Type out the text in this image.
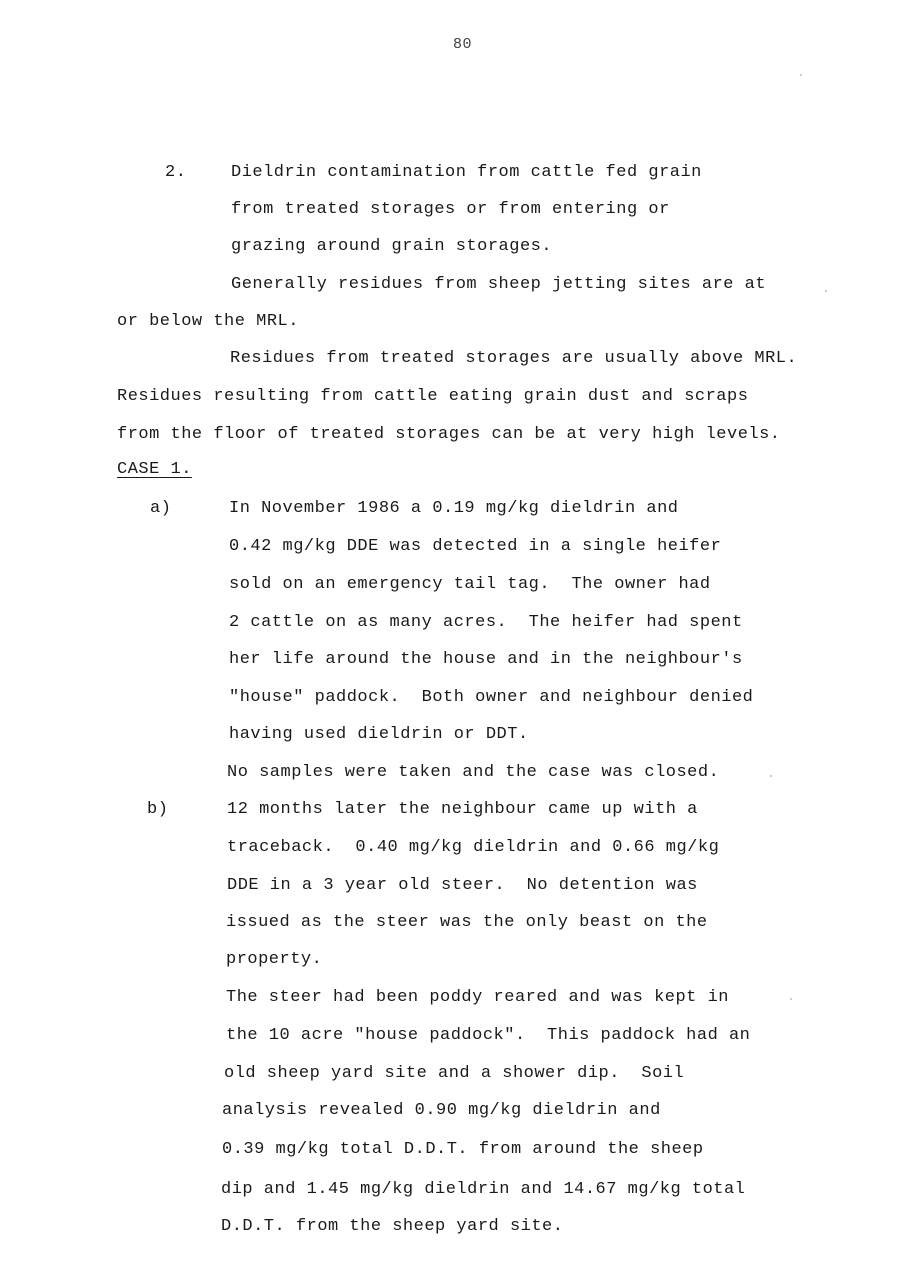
80
2.	Dieldrin contamination from cattle fed grain
from treated storages or from entering or
grazing around grain storages.
Generally residues from sheep jetting sites are at
or below the MRL.
Residues from treated storages are usually above MRL.
Residues resulting from cattle eating grain dust and scraps
from the floor of treated storages can be at very high levels.
CASE 1.
a)	In November 1986 a 0.19 mg/kg dieldrin and
0.42 mg/kg DDE was detected in a single heifer
sold on an emergency tail tag.  The owner had
2 cattle on as many acres.  The heifer had spent
her life around the house and in the neighbour's
"house" paddock.  Both owner and neighbour denied
having used dieldrin or DDT.
No samples were taken and the case was closed.
b)	12 months later the neighbour came up with a
traceback.  0.40 mg/kg dieldrin and 0.66 mg/kg
DDE in a 3 year old steer.  No detention was
issued as the steer was the only beast on the
property.
The steer had been poddy reared and was kept in
the 10 acre "house paddock".  This paddock had an
old sheep yard site and a shower dip.  Soil
analysis revealed 0.90 mg/kg dieldrin and
0.39 mg/kg total D.D.T. from around the sheep
dip and 1.45 mg/kg dieldrin and 14.67 mg/kg total
D.D.T. from the sheep yard site.
